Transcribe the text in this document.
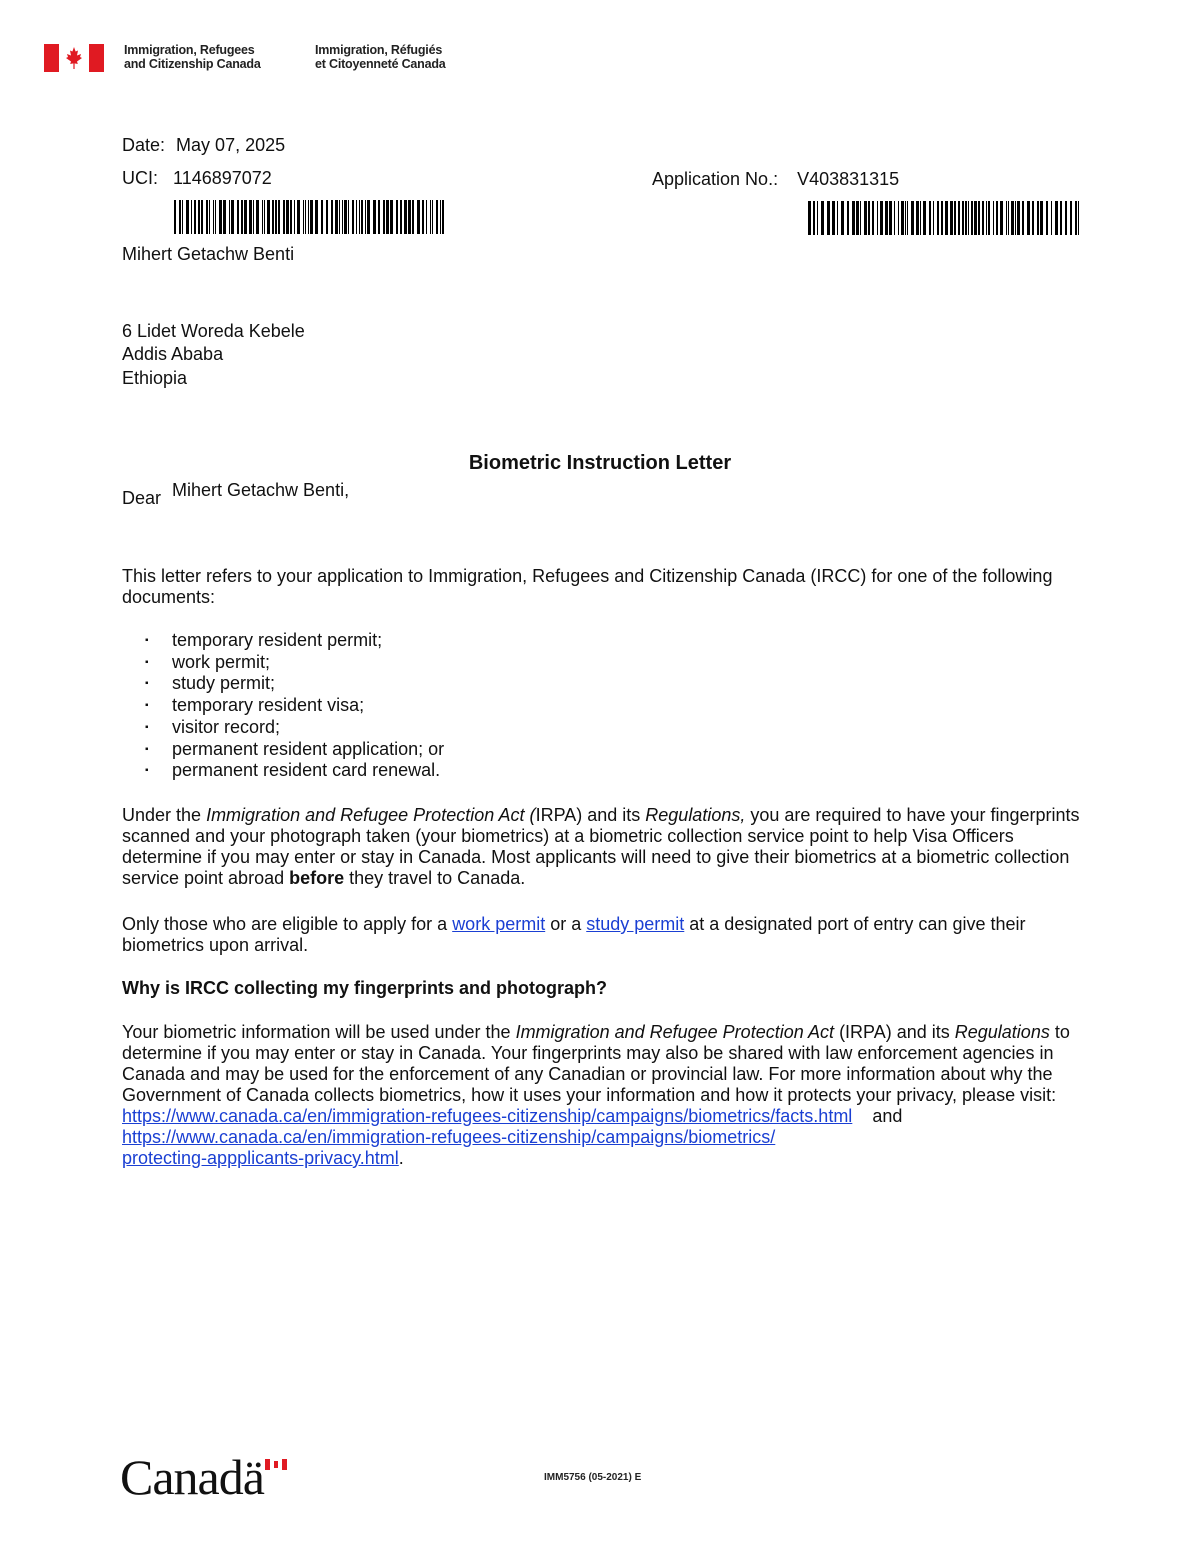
Immigration, Refugees
and Citizenship Canada
Immigration, Réfugiés
et Citoyenneté Canada
Date: May 07, 2025
UCI: 1146897072	Application No.: V403831315
Mihert Getachw Benti
6 Lidet Woreda Kebele
Addis Ababa
Ethiopia
Biometric Instruction Letter
Dear Mihert Getachw Benti,
This letter refers to your application to Immigration, Refugees and Citizenship Canada (IRCC) for one of the following documents:
▪ temporary resident permit;
▪ work permit;
▪ study permit;
▪ temporary resident visa;
▪ visitor record;
▪ permanent resident application; or
▪ permanent resident card renewal.
Under the Immigration and Refugee Protection Act (IRPA) and its Regulations, you are required to have your fingerprints scanned and your photograph taken (your biometrics) at a biometric collection service point to help Visa Officers determine if you may enter or stay in Canada. Most applicants will need to give their biometrics at a biometric collection service point abroad before they travel to Canada.
Only those who are eligible to apply for a work permit or a study permit at a designated port of entry can give their biometrics upon arrival.
Why is IRCC collecting my fingerprints and photograph?
Your biometric information will be used under the Immigration and Refugee Protection Act (IRPA) and its Regulations to determine if you may enter or stay in Canada. Your fingerprints may also be shared with law enforcement agencies in Canada and may be used for the enforcement of any Canadian or provincial law. For more information about why the Government of Canada collects biometrics, how it uses your information and how it protects your privacy, please visit:
https://www.canada.ca/en/immigration-refugees-citizenship/campaigns/biometrics/facts.html and
https://www.canada.ca/en/immigration-refugees-citizenship/campaigns/biometrics/
protecting-appplicants-privacy.html.
Canadä	IMM5756 (05-2021) E
